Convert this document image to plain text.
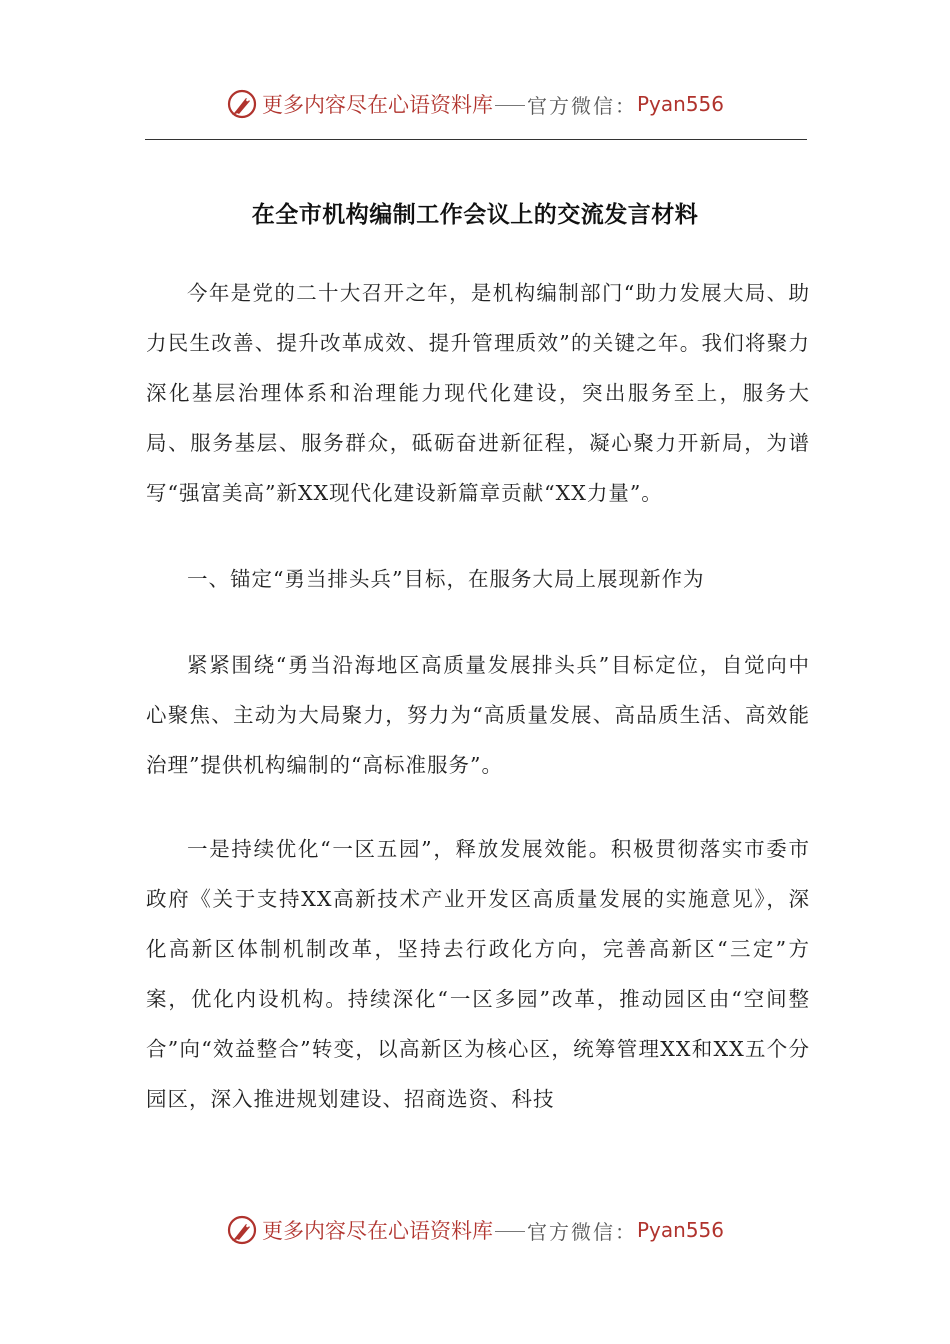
更多内容尽在心语资料库 官方微信： Pyan556
在全市机构编制工作会议上的交流发言材料

今年是党的二十大召开之年，是机构编制部门“助力发展大局、助力民生改善、提升改革成效、提升管理质效”的关键之年。我们将聚力深化基层治理体系和治理能力现代化建设，突出服务至上，服务大局、服务基层、服务群众，砥砺奋进新征程，凝心聚力开新局，为谱写“强富美高”新XX现代化建设新篇章贡献“XX力量”。

一、锚定“勇当排头兵”目标，在服务大局上展现新作为

紧紧围绕“勇当沿海地区高质量发展排头兵”目标定位，自觉向中心聚焦、主动为大局聚力，努力为“高质量发展、高品质生活、高效能治理”提供机构编制的“高标准服务”。

一是持续优化“一区五园”，释放发展效能。积极贯彻落实市委市政府《关于支持XX高新技术产业开发区高质量发展的实施意见》，深化高新区体制机制改革，坚持去行政化方向，完善高新区“三定”方案，优化内设机构。持续深化“一区多园”改革，推动园区由“空间整合”向“效益整合”转变，以高新区为核心区，统筹管理XX和XX五个分园区，深入推进规划建设、招商选资、科技

更多内容尽在心语资料库 官方微信： Pyan556
